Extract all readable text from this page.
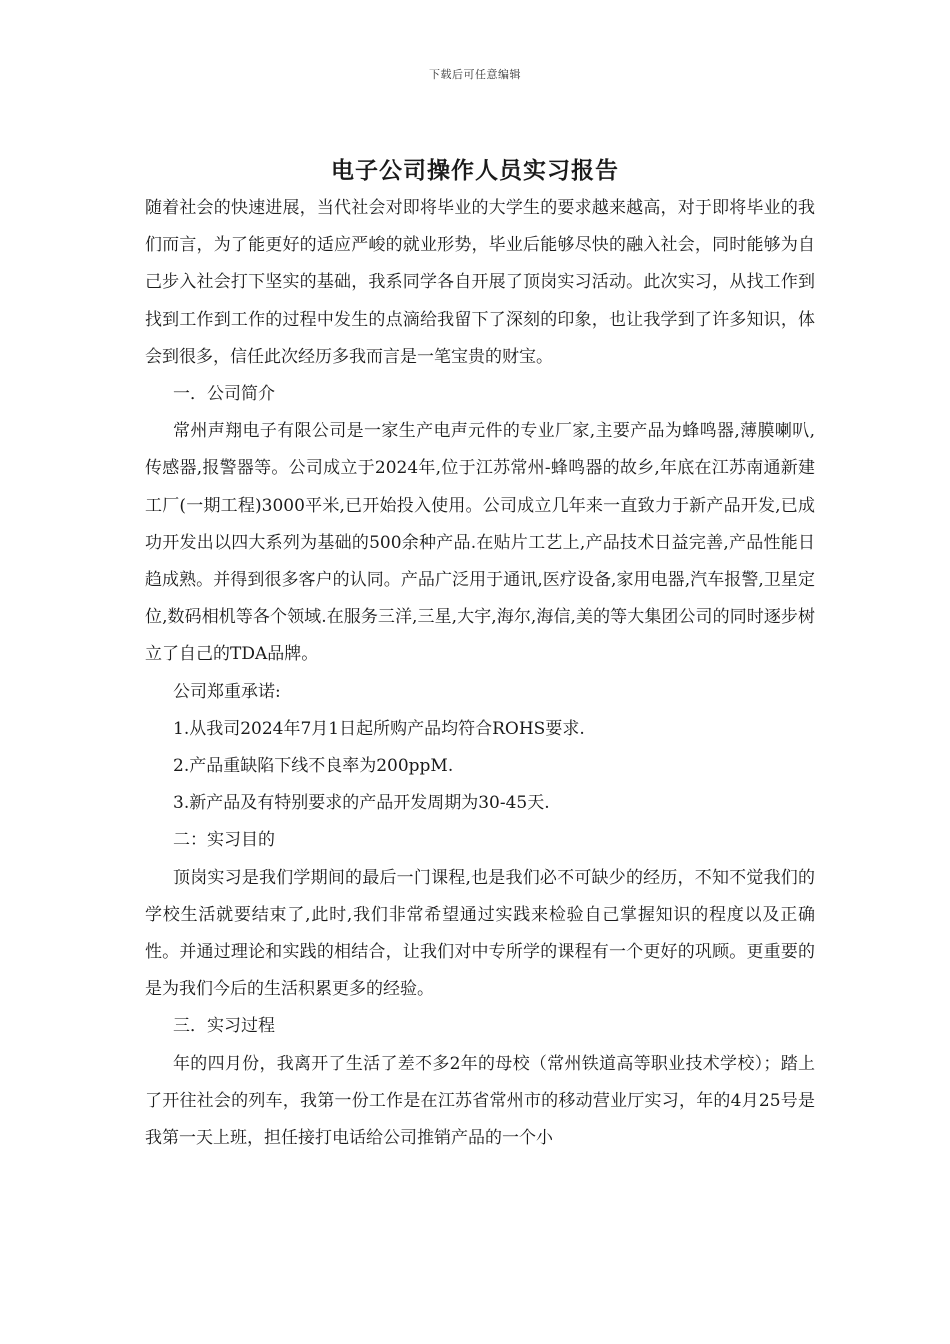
下载后可任意编辑
电子公司操作人员实习报告

随着社会的快速进展，当代社会对即将毕业的大学生的要求越来越高，对于即将毕业的我们而言，为了能更好的适应严峻的就业形势，毕业后能够尽快的融入社会，同时能够为自己步入社会打下坚实的基础，我系同学各自开展了顶岗实习活动。此次实习，从找工作到找到工作到工作的过程中发生的点滴给我留下了深刻的印象，也让我学到了许多知识，体会到很多，信任此次经历多我而言是一笔宝贵的财宝。

一．公司简介

常州声翔电子有限公司是一家生产电声元件的专业厂家,主要产品为蜂鸣器,薄膜喇叭,传感器,报警器等。公司成立于2024年,位于江苏常州-蜂鸣器的故乡,年底在江苏南通新建工厂(一期工程)3000平米,已开始投入使用。公司成立几年来一直致力于新产品开发,已成功开发出以四大系列为基础的500余种产品.在贴片工艺上,产品技术日益完善,产品性能日趋成熟。并得到很多客户的认同。产品广泛用于通讯,医疗设备,家用电器,汽车报警,卫星定位,数码相机等各个领域.在服务三洋,三星,大宇,海尔,海信,美的等大集团公司的同时逐步树立了自己的TDA品牌。

公司郑重承诺:

1.从我司2024年7月1日起所购产品均符合ROHS要求.

2.产品重缺陷下线不良率为200ppM.

3.新产品及有特别要求的产品开发周期为30-45天.

二：实习目的

顶岗实习是我们学期间的最后一门课程,也是我们必不可缺少的经历，不知不觉我们的学校生活就要结束了,此时,我们非常希望通过实践来检验自己掌握知识的程度以及正确性。并通过理论和实践的相结合，让我们对中专所学的课程有一个更好的巩顾。更重要的是为我们今后的生活积累更多的经验。

三．实习过程

年的四月份，我离开了生活了差不多2年的母校（常州铁道高等职业技术学校）；踏上了开往社会的列车，我第一份工作是在江苏省常州市的移动营业厅实习，年的4月25号是我第一天上班，担任接打电话给公司推销产品的一个小
